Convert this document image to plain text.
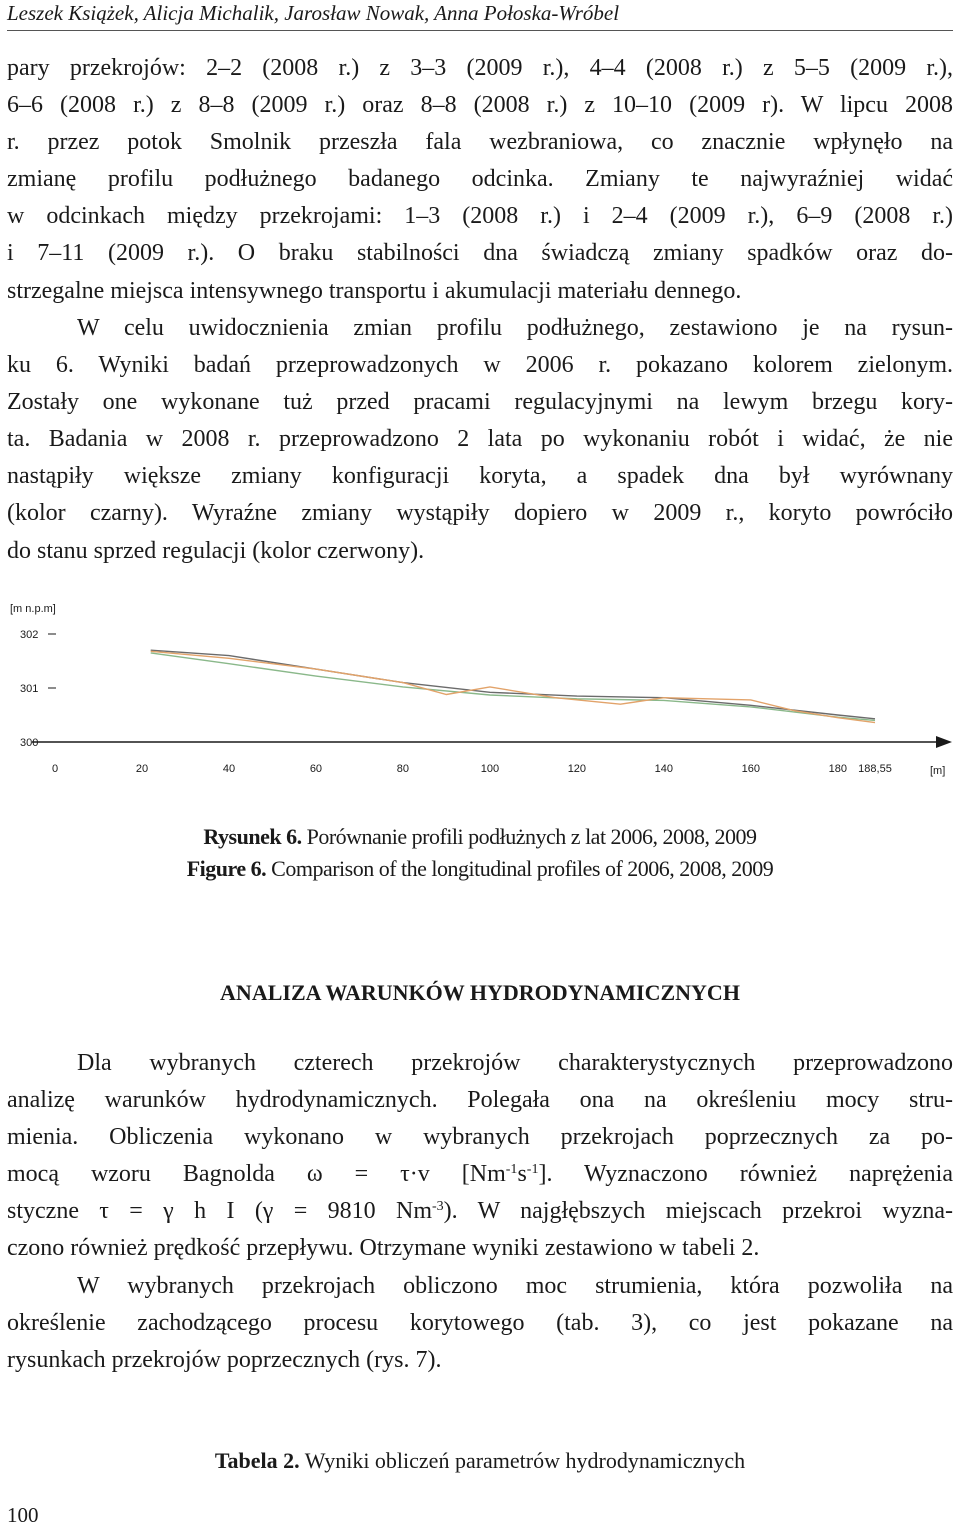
Leszek Książek, Alicja Michalik, Jarosław Nowak, Anna Połoska-Wróbel
pary przekrojów: 2–2 (2008 r.) z 3–3 (2009 r.), 4–4 (2008 r.) z 5–5 (2009 r.),
6–6 (2008 r.) z 8–8 (2009 r.) oraz 8–8 (2008 r.) z 10–10 (2009 r). W lipcu 2008
r. przez potok Smolnik przeszła fala wezbraniowa, co znacznie wpłynęło na
zmianę profilu podłużnego badanego odcinka. Zmiany te najwyraźniej widać
w odcinkach między przekrojami: 1–3 (2008 r.) i 2–4 (2009 r.), 6–9 (2008 r.)
i 7–11 (2009 r.). O braku stabilności dna świadczą zmiany spadków oraz do-
strzegalne miejsca intensywnego transportu i akumulacji materiału dennego.
W celu uwidocznienia zmian profilu podłużnego, zestawiono je na rysun-
ku 6. Wyniki badań przeprowadzonych w 2006 r. pokazano kolorem zielonym.
Zostały one wykonane tuż przed pracami regulacyjnymi na lewym brzegu kory-
ta. Badania w 2008 r. przeprowadzono 2 lata po wykonaniu robót i widać, że nie
nastąpiły większe zmiany konfiguracji koryta, a spadek dna był wyrównany
(kolor czarny). Wyraźne zmiany wystąpiły dopiero w 2009 r., koryto powróciło
do stanu sprzed regulacji (kolor czerwony).
[m n.p.m]
[m]
300
301
302
0	20	40	60	80	100	120	140	160	180 188,55
Rysunek 6. Porównanie profili podłużnych z lat 2006, 2008, 2009
Figure 6. Comparison of the longitudinal profiles of 2006, 2008, 2009
ANALIZA WARUNKÓW HYDRODYNAMICZNYCH
Dla wybranych czterech przekrojów charakterystycznych przeprowadzono
analizę warunków hydrodynamicznych. Polegała ona na określeniu mocy stru-
mienia. Obliczenia wykonano w wybranych przekrojach poprzecznych za po-
mocą wzoru Bagnolda ω = τ·v $[Nm^{-1}s^{-1}]$. Wyznaczono również naprężenia
styczne τ = γ h I (γ = 9810 $Nm^{-3}$). W najgłębszych miejscach przekroi wyzna-
czono również prędkość przepływu. Otrzymane wyniki zestawiono w tabeli 2.
W wybranych przekrojach obliczono moc strumienia, która pozwoliła na
określenie zachodzącego procesu korytowego (tab. 3), co jest pokazane na
rysunkach przekrojów poprzecznych (rys. 7).
Tabela 2. Wyniki obliczeń parametrów hydrodynamicznych
100
